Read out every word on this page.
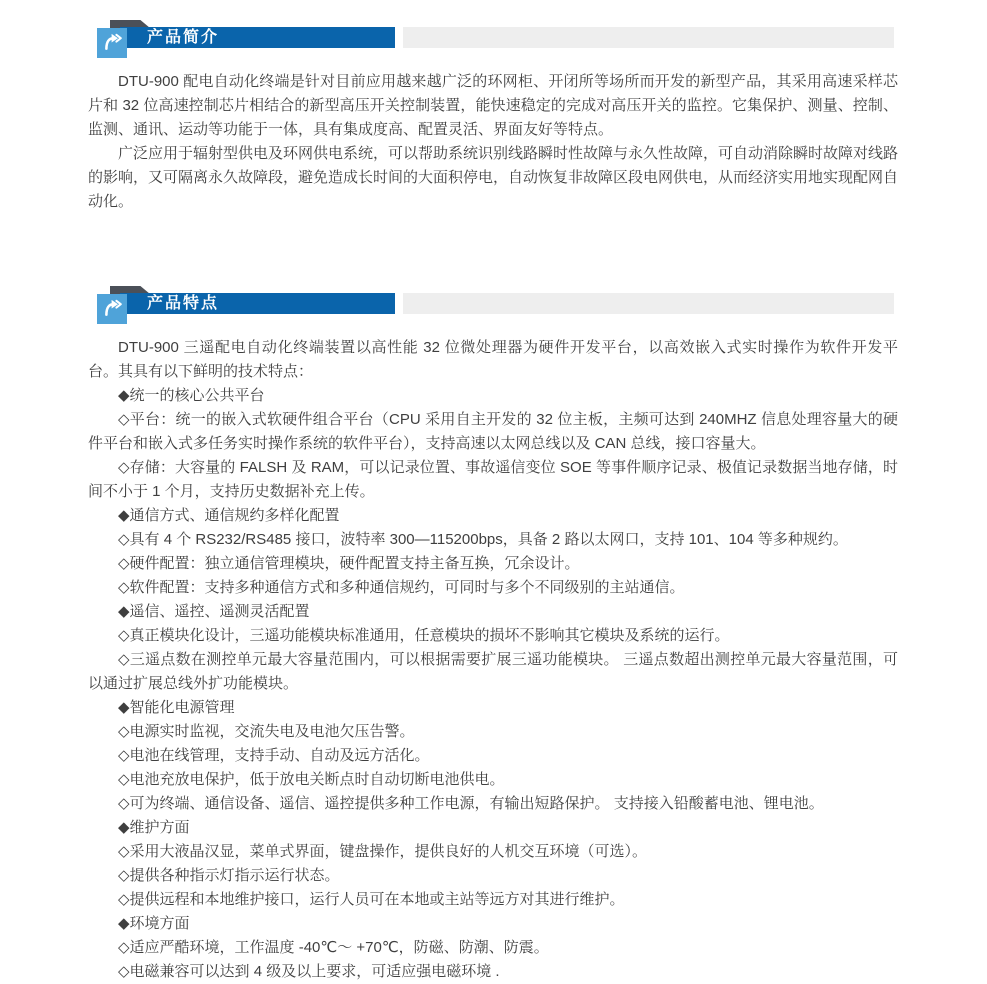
产品简介

DTU-900 配电自动化终端是针对目前应用越来越广泛的环网柜、开闭所等场所而开发的新型产品，其采用高速采样芯片和 32 位高速控制芯片相结合的新型高压开关控制装置，能快速稳定的完成对高压开关的监控。它集保护、测量、控制、监测、通讯、运动等功能于一体，具有集成度高、配置灵活、界面友好等特点。

广泛应用于辐射型供电及环网供电系统，可以帮助系统识别线路瞬时性故障与永久性故障，可自动消除瞬时故障对线路的影响，又可隔离永久故障段，避免造成长时间的大面积停电，自动恢复非故障区段电网供电，从而经济实用地实现配网自动化。

产品特点

DTU-900 三遥配电自动化终端装置以高性能 32 位微处理器为硬件开发平台，以高效嵌入式实时操作为软件开发平台。其具有以下鲜明的技术特点：

◆统一的核心公共平台

◇平台：统一的嵌入式软硬件组合平台（CPU 采用自主开发的 32 位主板，主频可达到 240MHZ 信息处理容量大的硬件平台和嵌入式多任务实时操作系统的软件平台），支持高速以太网总线以及 CAN 总线，接口容量大。

◇存储：大容量的 FALSH 及 RAM，可以记录位置、事故遥信变位 SOE 等事件顺序记录、极值记录数据当地存储，时间不小于 1 个月，支持历史数据补充上传。

◆通信方式、通信规约多样化配置

◇具有 4 个 RS232/RS485 接口，波特率 300—115200bps，具备 2 路以太网口，支持 101、104 等多种规约。

◇硬件配置：独立通信管理模块，硬件配置支持主备互换，冗余设计。

◇软件配置：支持多种通信方式和多种通信规约，可同时与多个不同级别的主站通信。

◆遥信、遥控、遥测灵活配置

◇真正模块化设计，三遥功能模块标准通用，任意模块的损坏不影响其它模块及系统的运行。

◇三遥点数在测控单元最大容量范围内，可以根据需要扩展三遥功能模块。 三遥点数超出测控单元最大容量范围，可以通过扩展总线外扩功能模块。

◆智能化电源管理

◇电源实时监视，交流失电及电池欠压告警。

◇电池在线管理，支持手动、自动及远方活化。

◇电池充放电保护，低于放电关断点时自动切断电池供电。

◇可为终端、通信设备、遥信、遥控提供多种工作电源，有输出短路保护。 支持接入铅酸蓄电池、锂电池。

◆维护方面

◇采用大液晶汉显，菜单式界面，键盘操作，提供良好的人机交互环境（可选）。

◇提供各种指示灯指示运行状态。

◇提供远程和本地维护接口，运行人员可在本地或主站等远方对其进行维护。

◆环境方面

◇适应严酷环境，工作温度 -40℃～ +70℃，防磁、防潮、防震。

◇电磁兼容可以达到 4 级及以上要求，可适应强电磁环境 .
